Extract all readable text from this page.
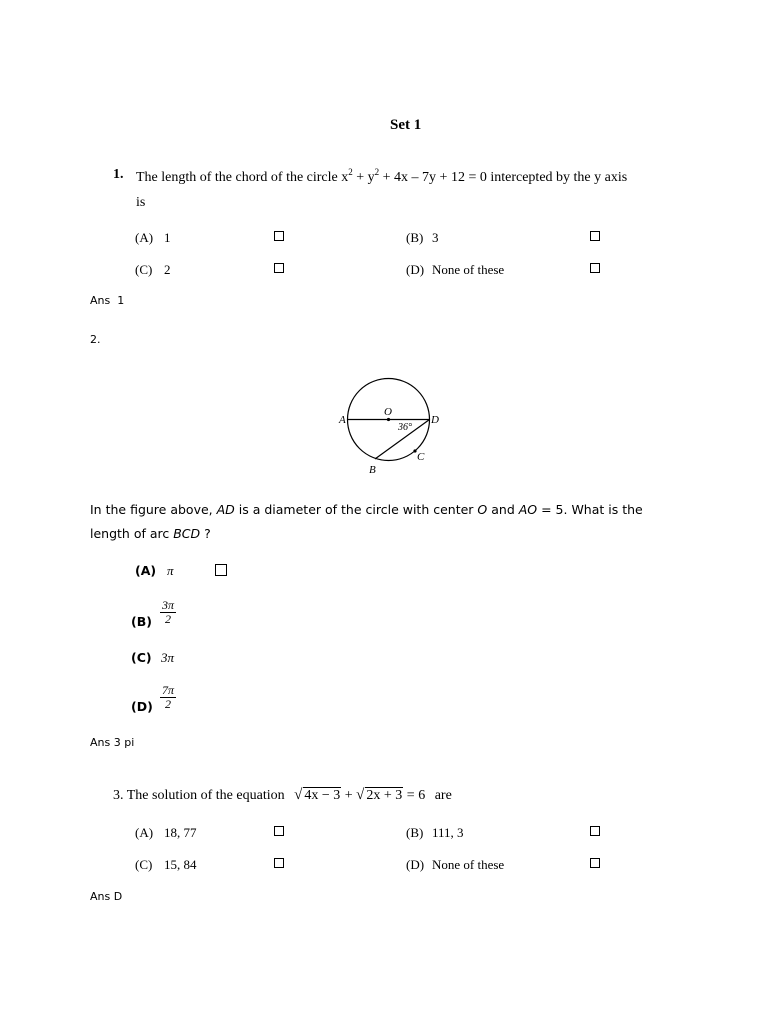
Set 1
1. The length of the chord of the circle $x^2 + y^2 + 4x - 7y + 12 = 0$ intercepted by the y axis
is
(A) 1	(B) 3
(C) 2	(D) None of these
Ans  1
2.
A
O
D
36°
C
B
In the figure above, AD is a diameter of the circle with center O and AO = 5. What is the
length of arc BCD ?
(A) π
$(B) \frac{3\pi}{2}$
(C) 3π
$(D) \frac{7\pi}{2}$
Ans 3 pi
3. The solution of the equation √ 4x − 3 + √ 2x + 3 = 6 are
(A) 18, 77	(B) 111, 3
(C) 15, 84	(D) None of these
Ans D
